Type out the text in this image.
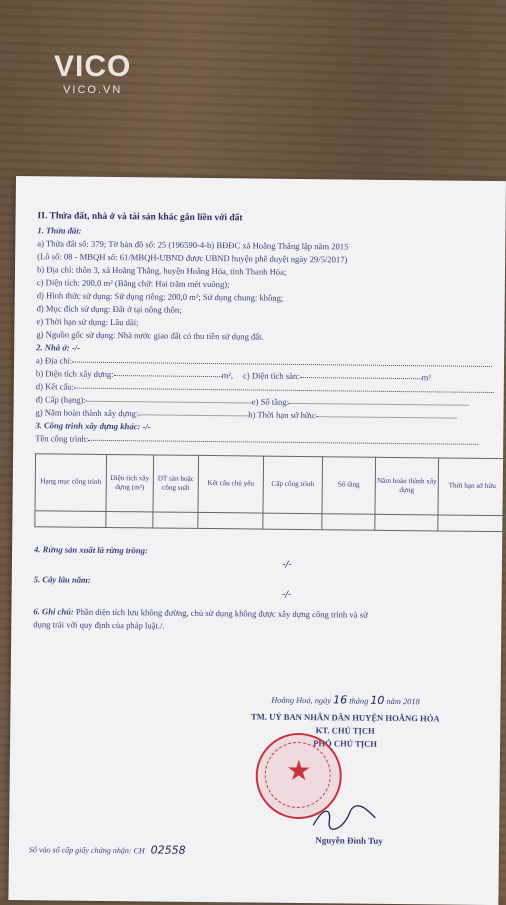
VICO
VICO.VN
II. Thửa đất, nhà ở và tài sản khác gắn liền với đất
1. Thửa đất:
a) Thửa đất số: 379; Tờ bản đồ số: 25 (196590-4-b) BĐĐC xã Hoằng Thắng lập năm 2015
(Lô số: 08 - MBQH số: 61/MBQH-UBND được UBND huyện phê duyệt ngày 29/5/2017)
b) Địa chỉ: thôn 3, xã Hoằng Thắng, huyện Hoằng Hóa, tỉnh Thanh Hóa;
c) Diện tích: 200,0 m² (Bằng chữ: Hai trăm mét vuông);
d) Hình thức sử dụng: Sử dụng riêng: 200,0 m²; Sử dụng chung: không;
đ) Mục đích sử dụng: Đất ở tại nông thôn;
e) Thời hạn sử dụng: Lâu dài;
g) Nguồn gốc sử dụng: Nhà nước giao đất có thu tiền sử dụng đất.
2. Nhà ở: -/-
a) Địa chỉ:
b) Diện tích xây dựng:	m², c) Diện tích sàn:	m²
d) Kết cấu:
đ) Cấp (hạng):	e) Số tầng:
g) Năm hoàn thành xây dựng:	h) Thời hạn sở hữu:
3. Công trình xây dựng khác: -/-
Tên công trình:
Hạng mục công trình	Diện tích xây dựng (m²)	DT sàn hoặc công suất	Kết cấu chủ yếu	Cấp công trình	Số tầng	Năm hoàn thành xây dựng	Thời hạn sở hữu

4. Rừng sản xuất là rừng trồng:
-/-
5. Cây lâu năm:
-/-
6. Ghi chú: Phần diện tích lưu không đường, chủ sử dụng không được xây dựng công trình và sử
dụng trái với quy định của pháp luật./.
Hoằng Hoá, ngày 16 tháng 10 năm 2018
TM. UỶ BAN NHÂN DÂN HUYỆN HOẰNG HÓA
KT. CHỦ TỊCH
PHÓ CHỦ TỊCH
★
Nguyễn Đình Tuy
Số vào sổ cấp giấy chứng nhận: CH 02558
